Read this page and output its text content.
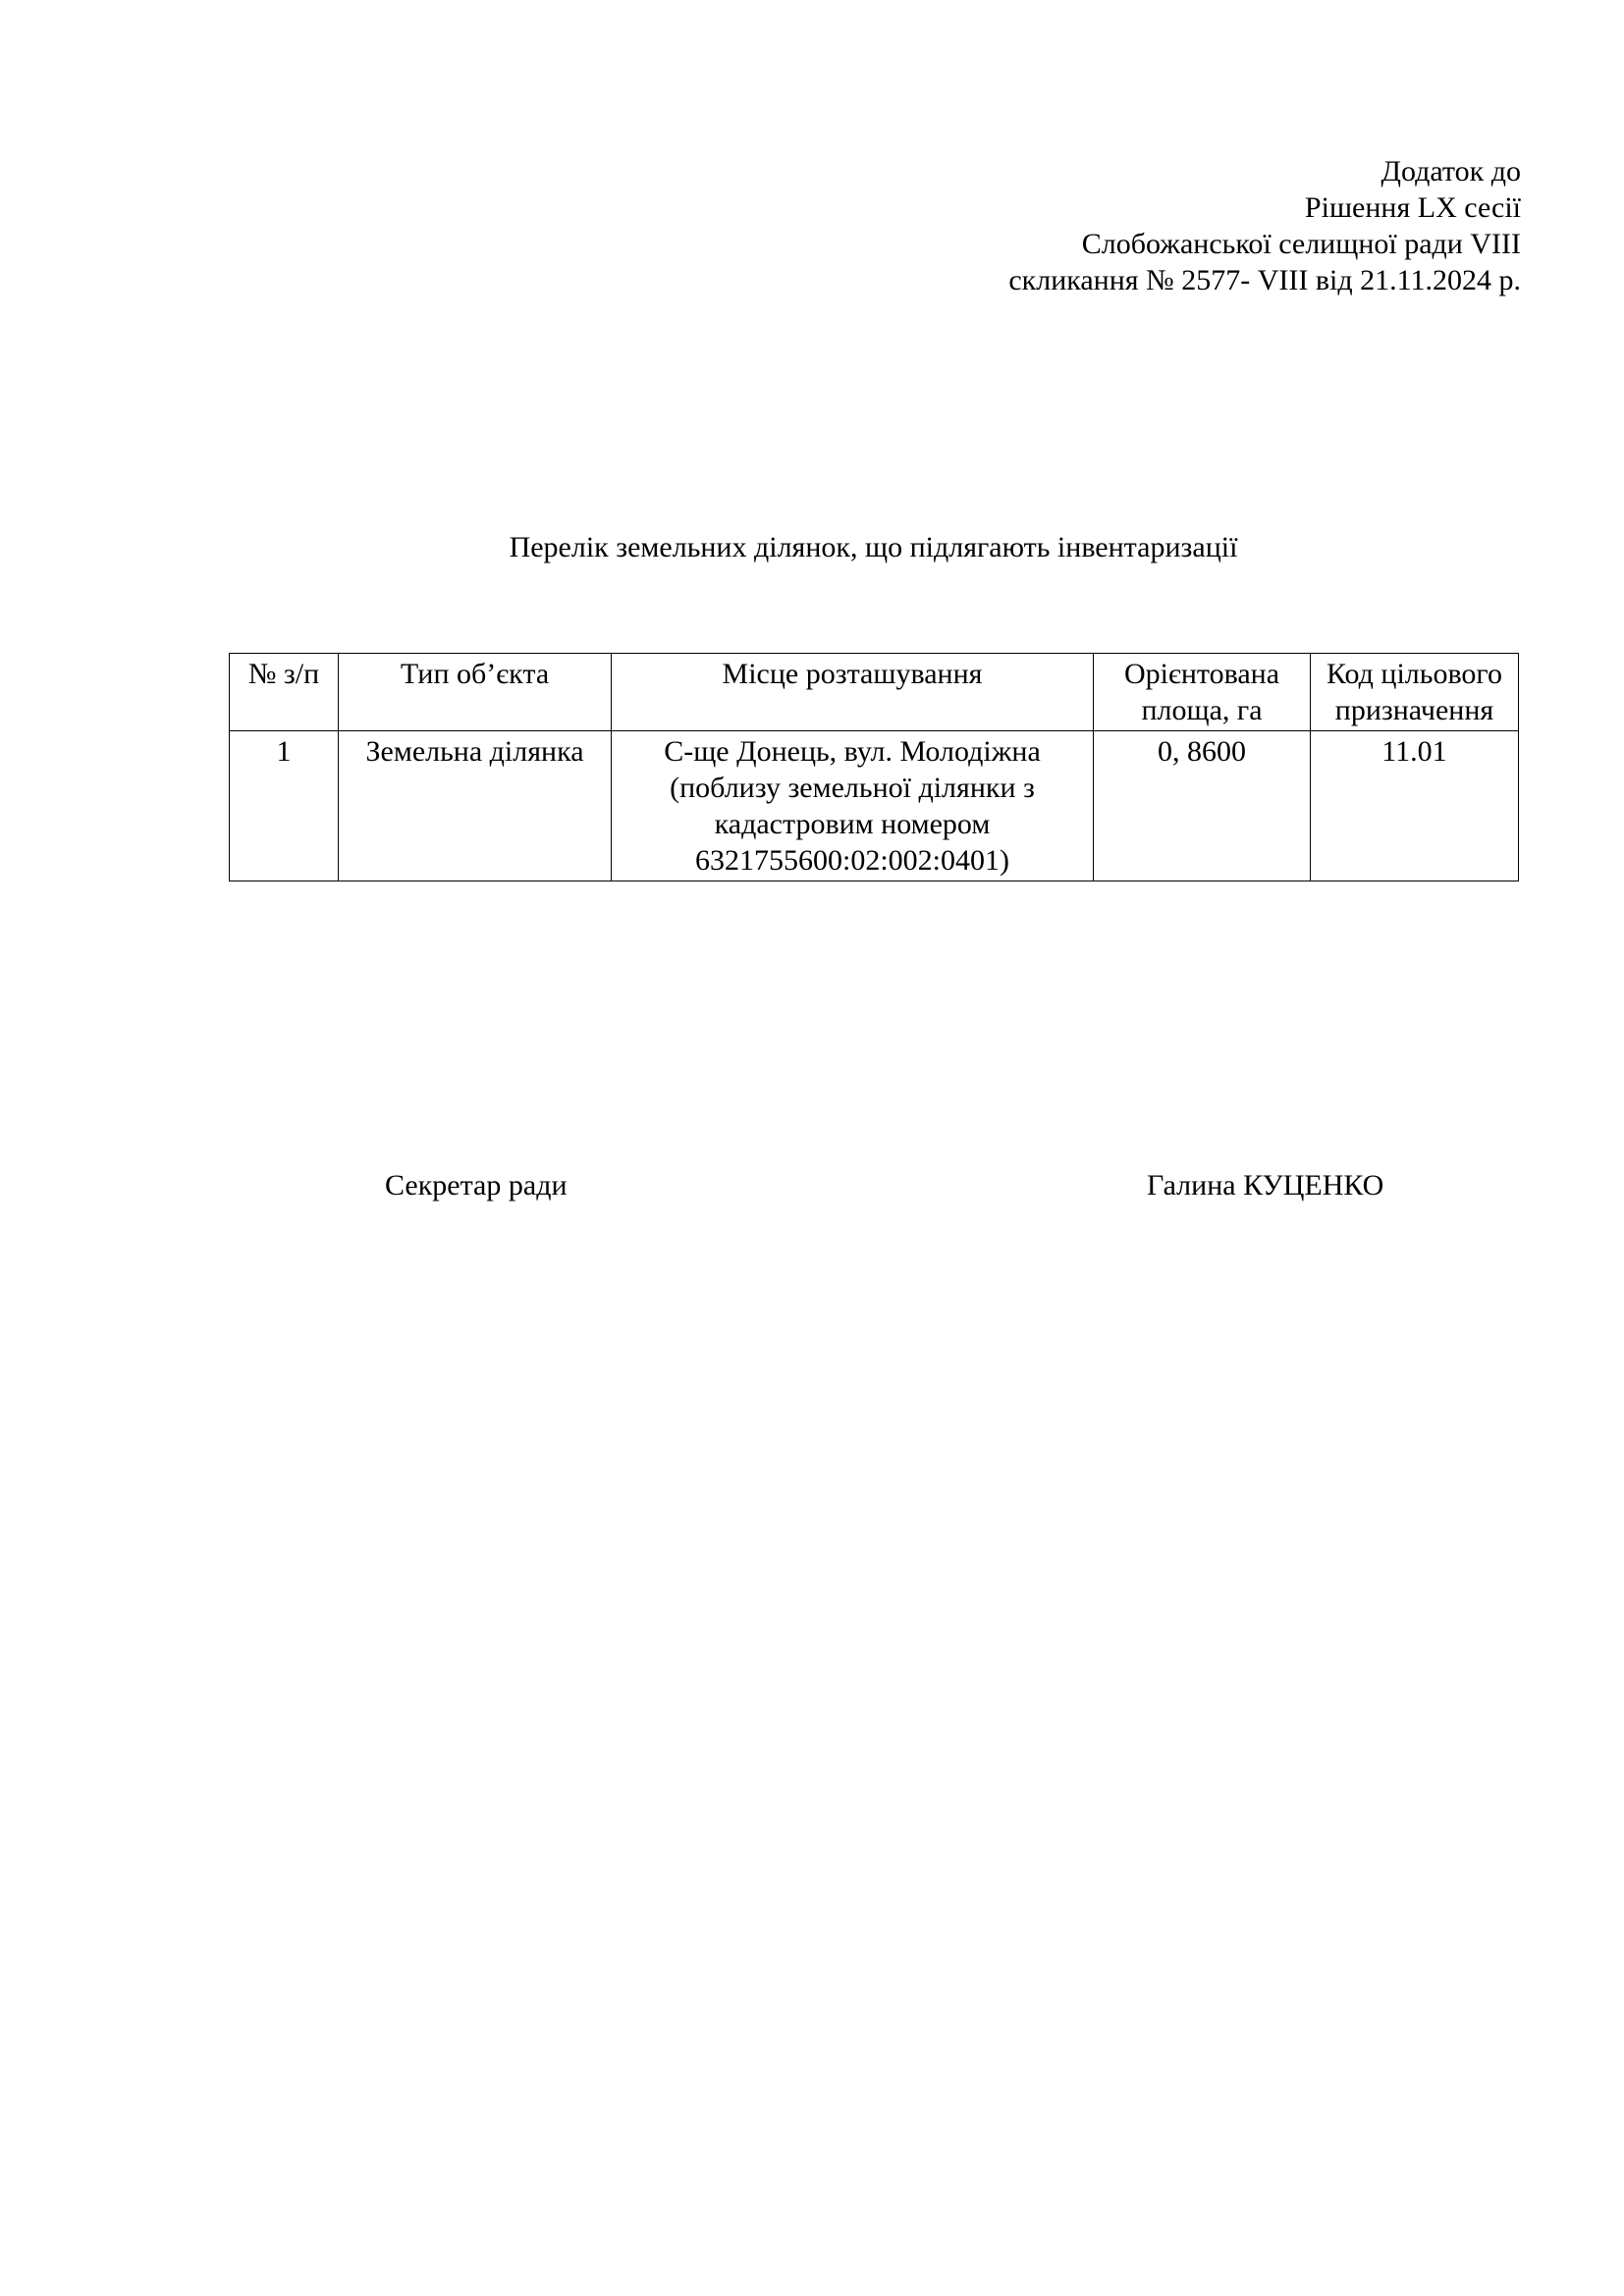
Додаток до
Рішення LX сесії
Слобожанської селищної ради VIII
скликання № 2577- VIII від 21.11.2024 р.
Перелік земельних ділянок, що підлягають інвентаризації
№ з/п	Тип об’єкта	Місце розташування	Орієнтована площа, га	Код цільового призначення
1	Земельна ділянка	С-ще Донець, вул. Молодіжна (поблизу земельної ділянки з кадастровим номером 6321755600:02:002:0401)	0, 8600	11.01
Секретар ради	Галина КУЦЕНКО
